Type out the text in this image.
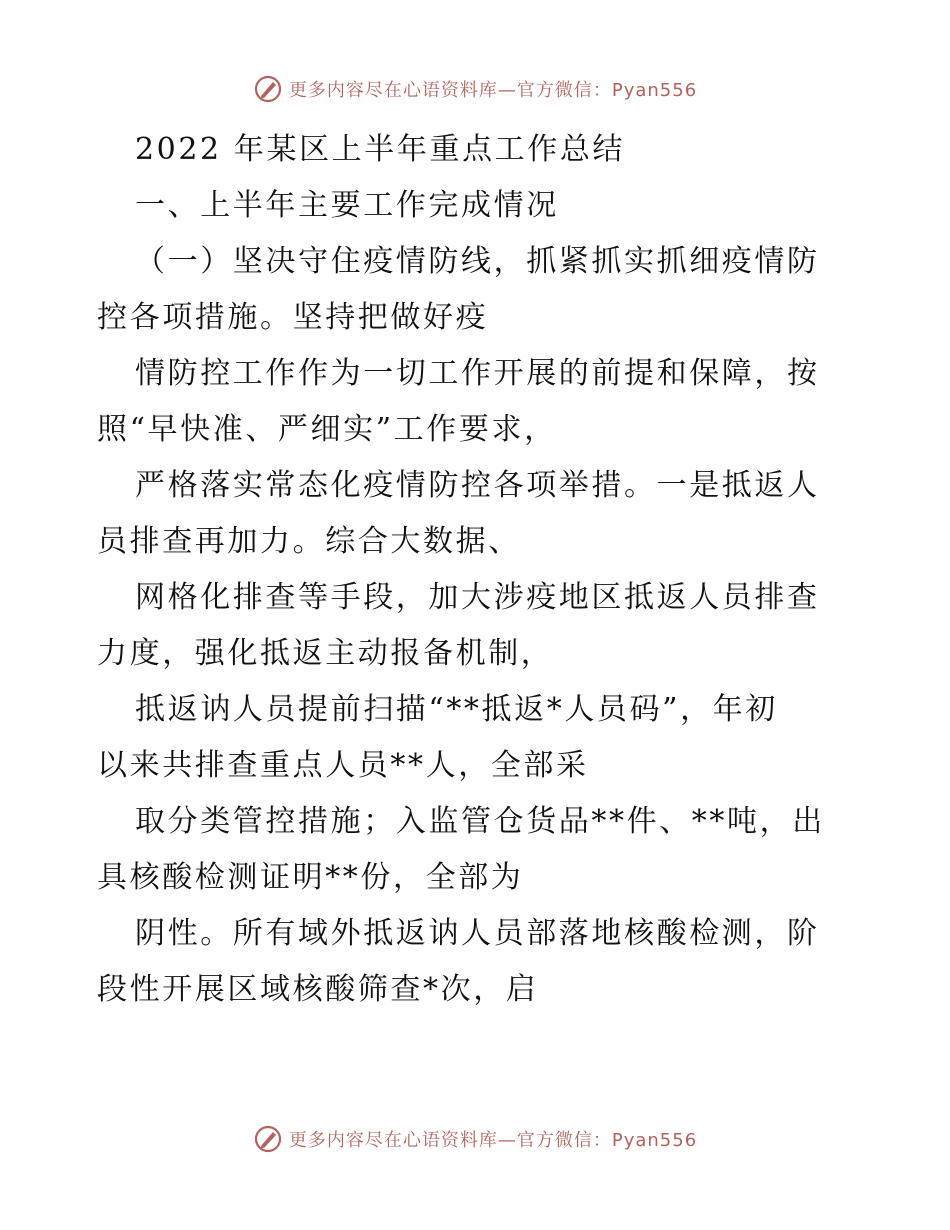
更多内容尽在心语资料库—官方微信：Pyan556
2022 年某区上半年重点工作总结
一、上半年主要工作完成情况
（一）坚决守住疫情防线，抓紧抓实抓细疫情防
控各项措施。坚持把做好疫
情防控工作作为一切工作开展的前提和保障，按
照“早快准、严细实”工作要求，
严格落实常态化疫情防控各项举措。一是抵返人
员排查再加力。综合大数据、
网格化排查等手段，加大涉疫地区抵返人员排查
力度，强化抵返主动报备机制，
抵返讷人员提前扫描“**抵返*人员码”，年初
以来共排查重点人员**人，全部采
取分类管控措施；入监管仓货品**件、**吨，出
具核酸检测证明**份，全部为
阴性。所有域外抵返讷人员部落地核酸检测，阶
段性开展区域核酸筛查*次，启
更多内容尽在心语资料库—官方微信：Pyan556
